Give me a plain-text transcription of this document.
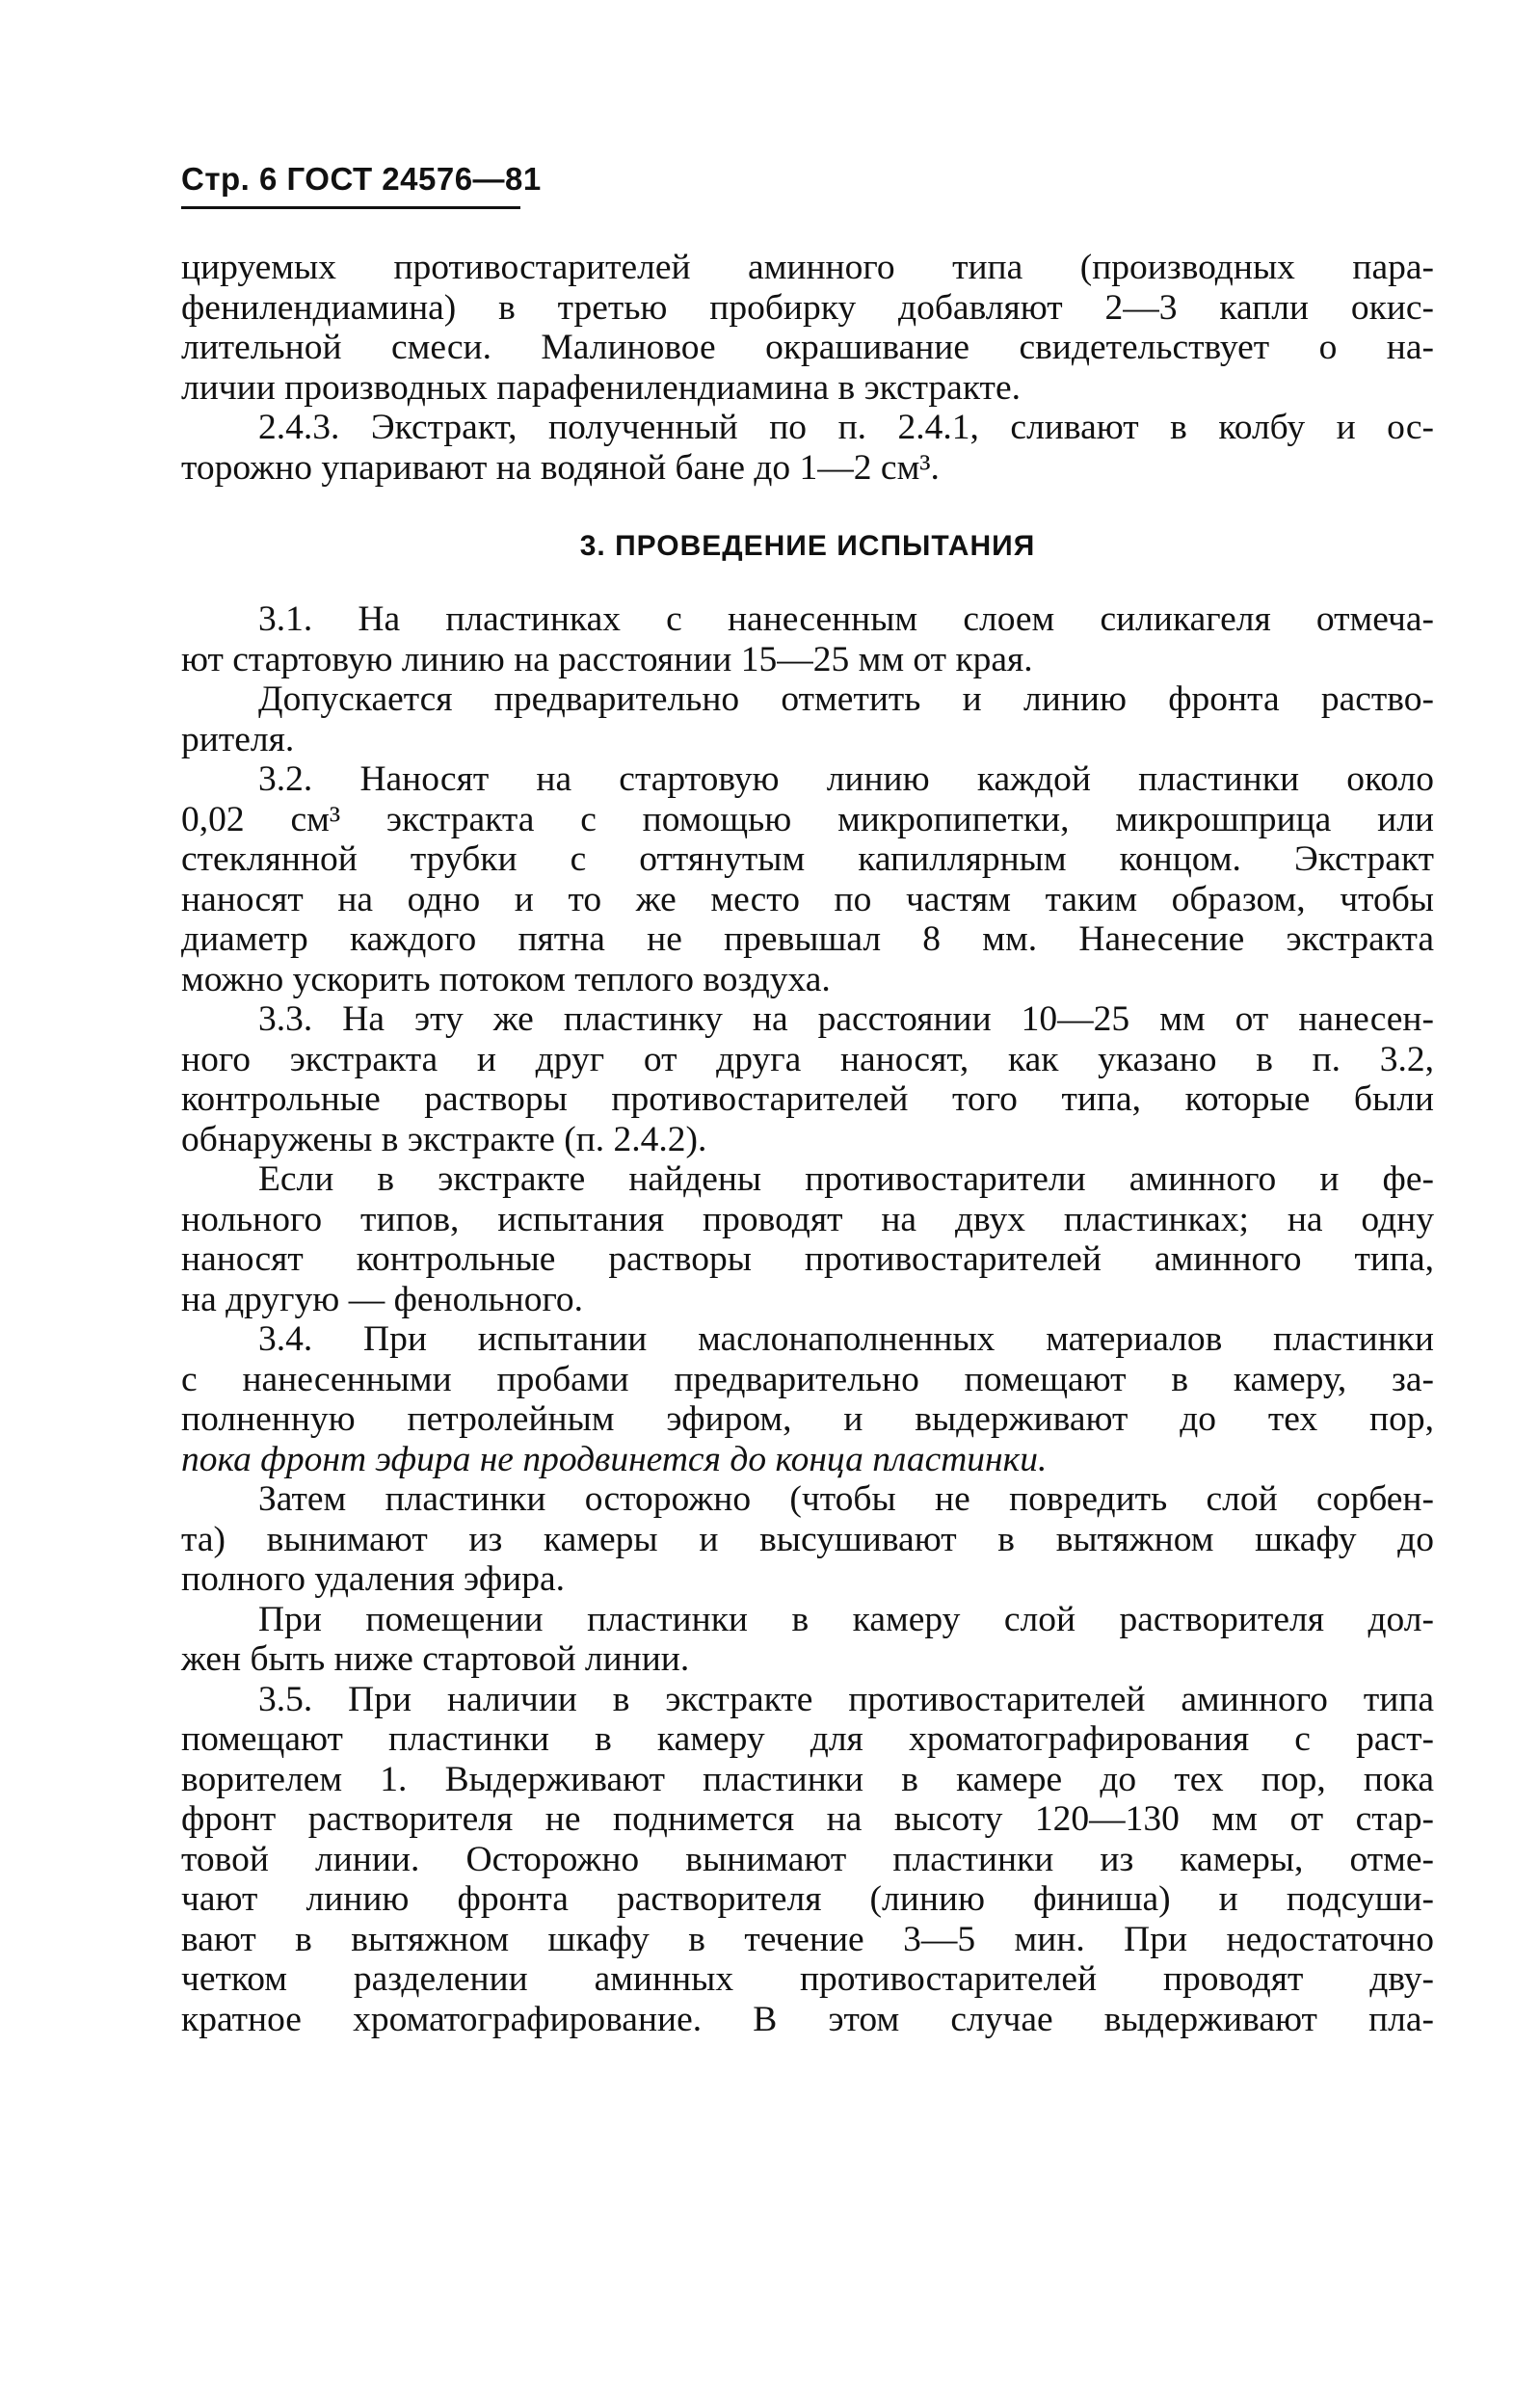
Стр. 6 ГОСТ 24576—81
цируемых противостарителей аминного типа (производных пара-
фенилендиамина) в третью пробирку добавляют 2—3 капли окис-
лительной смеси. Малиновое окрашивание свидетельствует о на-
личии производных парафенилендиамина в экстракте.
2.4.3. Экстракт, полученный по п. 2.4.1, сливают в колбу и ос-
торожно упаривают на водяной бане до 1—2 см³.
3. ПРОВЕДЕНИЕ ИСПЫТАНИЯ
3.1. На пластинках с нанесенным слоем силикагеля отмеча-
ют стартовую линию на расстоянии 15—25 мм от края.
Допускается предварительно отметить и линию фронта раство-
рителя.
3.2. Наносят на стартовую линию каждой пластинки около
0,02 см³ экстракта с помощью микропипетки, микрошприца или
стеклянной трубки с оттянутым капиллярным концом. Экстракт
наносят на одно и то же место по частям таким образом, чтобы
диаметр каждого пятна не превышал 8 мм. Нанесение экстракта
можно ускорить потоком теплого воздуха.
3.3. На эту же пластинку на расстоянии 10—25 мм от нанесен-
ного экстракта и друг от друга наносят, как указано в п. 3.2,
контрольные растворы противостарителей того типа, которые были
обнаружены в экстракте (п. 2.4.2).
Если в экстракте найдены противостарители аминного и фе-
нольного типов, испытания проводят на двух пластинках; на одну
наносят контрольные растворы противостарителей аминного типа,
на другую — фенольного.
3.4. При испытании маслонаполненных материалов пластинки
с нанесенными пробами предварительно помещают в камеру, за-
полненную петролейным эфиром, и выдерживают до тех пор,
пока фронт эфира не продвинется до конца пластинки.
Затем пластинки осторожно (чтобы не повредить слой сорбен-
та) вынимают из камеры и высушивают в вытяжном шкафу до
полного удаления эфира.
При помещении пластинки в камеру слой растворителя дол-
жен быть ниже стартовой линии.
3.5. При наличии в экстракте противостарителей аминного типа
помещают пластинки в камеру для хроматографирования с раст-
ворителем 1. Выдерживают пластинки в камере до тех пор, пока
фронт растворителя не поднимется на высоту 120—130 мм от стар-
товой линии. Осторожно вынимают пластинки из камеры, отме-
чают линию фронта растворителя (линию финиша) и подсуши-
вают в вытяжном шкафу в течение 3—5 мин. При недостаточно
четком разделении аминных противостарителей проводят дву-
кратное хроматографирование. В этом случае выдерживают пла-
